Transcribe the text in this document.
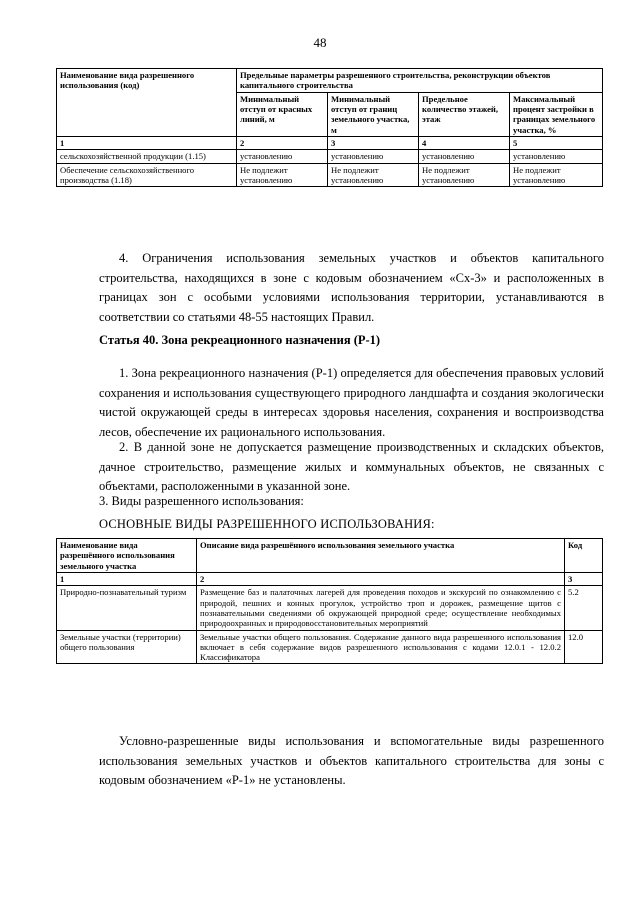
48
Наименование вида разрешенного использования (код)	Предельные параметры разрешенного строительства, реконструкции объектов капитального строительства			
	Минимальный отступ от красных линий, м	Минимальный отступ от границ земельного участка, м	Предельное количество этажей, этаж	Максимальный процент застройки в границах земельного участка, %
1	2	3	4	5
сельскохозяйственной продукции (1.15)	установлению	установлению	установлению	установлению
Обеспечение сельскохозяйственного производства (1.18)	Не подлежит установлению	Не подлежит установлению	Не подлежит установлению	Не подлежит установлению

4. Ограничения использования земельных участков и объектов капитального строительства, находящихся в зоне с кодовым обозначением «Сх-3» и расположенных в границах зон с особыми условиями использования территории, устанавливаются в соответствии со статьями 48-55 настоящих Правил.

Статья 40. Зона рекреационного назначения (Р-1)

1. Зона рекреационного назначения (Р-1) определяется для обеспечения правовых условий сохранения и использования существующего природного ландшафта и создания экологически чистой окружающей среды в интересах здоровья населения, сохранения и воспроизводства лесов, обеспечение их рационального использования.

2. В данной зоне не допускается размещение производственных и складских объектов, дачное строительство, размещение жилых и коммунальных объектов, не связанных с объектами, расположенными в указанной зоне.

3. Виды разрешенного использования:

ОСНОВНЫЕ ВИДЫ РАЗРЕШЕННОГО ИСПОЛЬЗОВАНИЯ:

Наименование вида разрешённого использования земельного участка	Описание вида разрешённого использования земельного участка	Код
1	2	3
Природно-познавательный туризм	Размещение баз и палаточных лагерей для проведения походов и экскурсий по ознакомлению с природой, пешних и конных прогулок, устройство троп и дорожек, размещение щитов с познавательными сведениями об окружающей природной среде; осуществление необходимых природоохранных и природовосстановительных мероприятий	5.2
Земельные участки (территории) общего пользования	Земельные участки общего пользования. Содержание данного вида разрешенного использования включает в себя содержание видов разрешенного использования с кодами 12.0.1 - 12.0.2 Классификатора	12.0

Условно-разрешенные виды использования и вспомогательные виды разрешенного использования земельных участков и объектов капитального строительства для зоны с кодовым обозначением «Р-1» не установлены.
